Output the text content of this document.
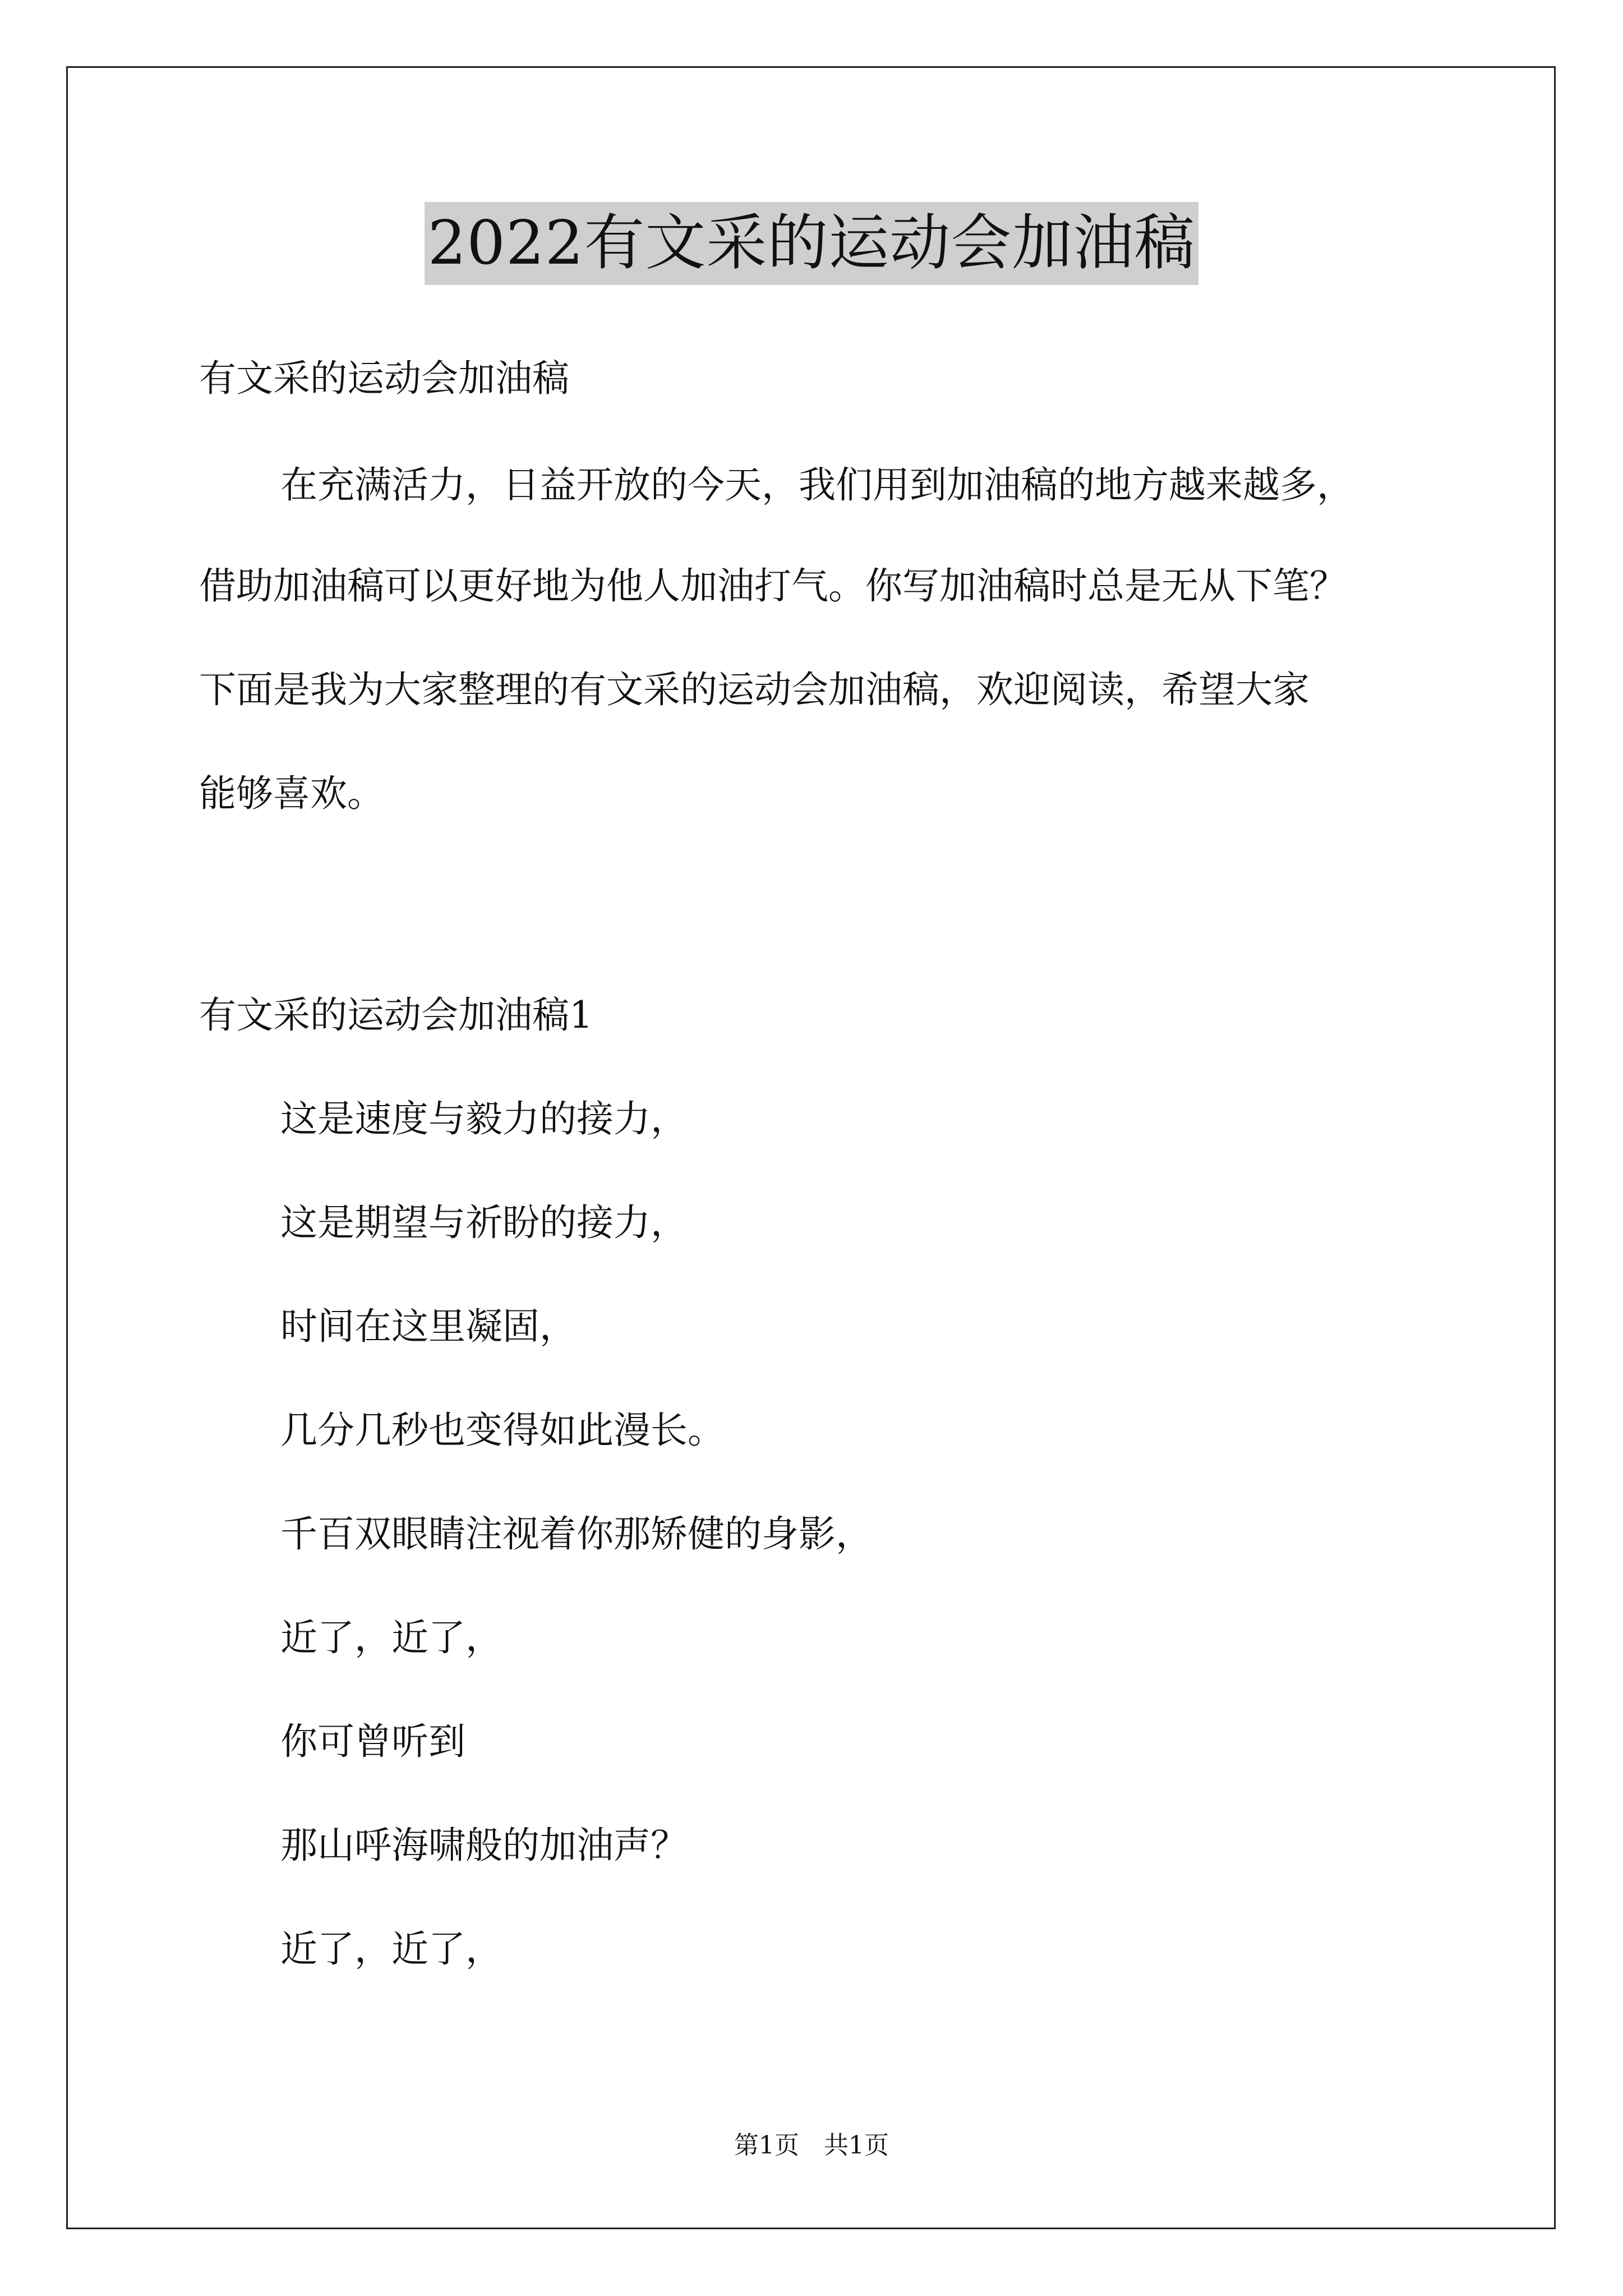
2022有文采的运动会加油稿

有文采的运动会加油稿

在充满活力，日益开放的今天，我们用到加油稿的地方越来越多，

借助加油稿可以更好地为他人加油打气。你写加油稿时总是无从下笔？

下面是我为大家整理的有文采的运动会加油稿，欢迎阅读，希望大家

能够喜欢。

有文采的运动会加油稿1

这是速度与毅力的接力，

这是期望与祈盼的接力，

时间在这里凝固，

几分几秒也变得如此漫长。

千百双眼睛注视着你那矫健的身影，

近了，近了，

你可曾听到

那山呼海啸般的加油声？

近了，近了，

第1页　共1页
